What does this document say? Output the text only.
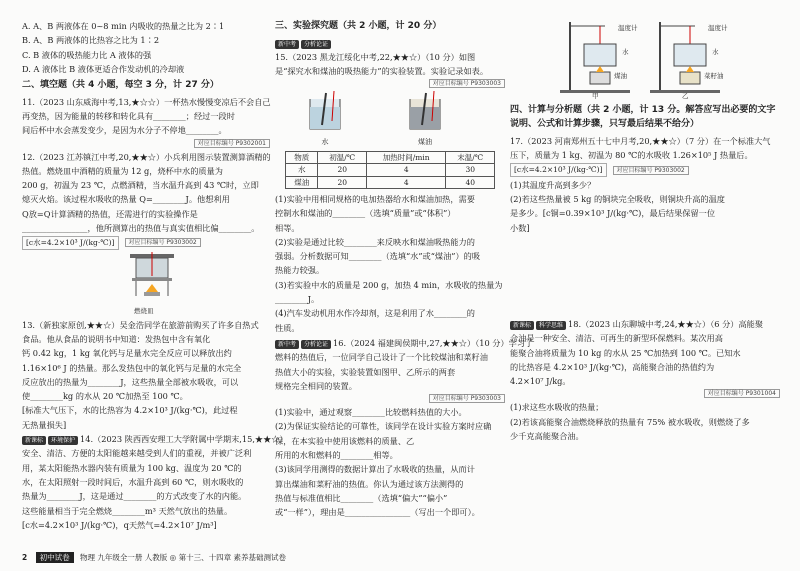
A. A、B 两液体在 0~8 min 内吸收的热量之比为 2∶1
B. A、B 两液体的比热容之比为 1∶2
C. B 液体的吸热能力比 A 液体的强
D. A 液体比 B 液体更适合作发动机的冷却液
二、填空题（共 4 小题，每空 3 分，计 27 分）
11.（2023 山东威海中考,13,★☆☆）一杯热水慢慢变凉后不会自己
再变热，因为能量的转移和转化具有________；经过一段时
间后杯中水会蒸发变少，是因为水分子不停地________。
对应目标编号 P9302001
12.（2023 江苏镇江中考,20,★★☆）小兵利用图示装置测算酒精的
热值。燃烧皿中酒精的质量为 12 g，烧杯中水的质量为
200 g，初温为 23 ℃，点燃酒精，当水温升高到 43 ℃时，立即
熄灭火焰。该过程水吸收的热量 Q=________J。他想利用
Q放=Q计算酒精的热值，还需进行的实验操作是
________________，他所测算出的热值与真实值相比偏________。
[c水=4.2×10³ J/(kg·℃)]	对应目标编号 P9303002
燃烧皿
13.（新独家原创,★★☆）吴金浩同学在旅游前购买了许多自热式
食品。他从食品的说明书中知道：发热包中含有氧化
钙 0.42 kg，1 kg 氧化钙与足量水完全反应可以释放出约
1.16×10⁶ J 的热量。那么发热包中的氧化钙与足量的水完全
反应放出的热量为________J，这些热量全部被水吸收，可以
使________kg 的水从 20 ℃加热至 100 ℃。
[标准大气压下，水的比热容为 4.2×10³ J/(kg·℃)，此过程
无热量损失]
新课标 环境保护 14.（2023 陕西西安理工大学附属中学期末,15,★★☆）
安全、清洁、方便的太阳能越来越受到人们的重视，并被广泛利
用，某太阳能热水器内装有质量为 100 kg、温度为 20 ℃的
水，在太阳照射一段时间后，水温升高到 60 ℃，则水吸收的
热量为________J，这是通过________的方式改变了水的内能。
这些能量相当于完全燃烧________m³ 天然气放出的热量。
[c水=4.2×10³ J/(kg·℃)，q天然气=4.2×10⁷ J/m³]
三、实验探究题（共 2 小题，计 20 分）
新中考 分析论证
15.（2023 黑龙江绥化中考,22,★★☆）（10 分）如图
是“探究水和煤油的吸热能力”的实验装置。实验记录如表。
对应目标编号 P9303003
水	煤油
物质	初温/℃	加热时间/min	末温/℃
水	20	4	30
煤油	20	4	40
(1)实验中用相同规格的电加热器给水和煤油加热，需要
控制水和煤油的________（选填“质量”或“体积”）
相等。
(2)实验是通过比较________来反映水和煤油吸热能力的
强弱。分析数据可知________（选填“水”或“煤油”）的吸
热能力较强。
(3)若实验中水的质量是 200 g，加热 4 min，水吸收的热量为
________J。
(4)汽车发动机用水作冷却剂，这是利用了水________的
性质。
新中考 分析论证 16.（2024 福建闽侯期中,27,★★☆）（10 分）学习了
燃料的热值后，一位同学自己设计了一个比较煤油和菜籽油
热值大小的实验，实验装置如图甲、乙所示的两套
规格完全相同的装置。
对应目标编号 P9303003
(1)实验中，通过观察________比较燃料热值的大小。
(2)为保证实验结论的可靠性，该同学在设计实验方案时应确
保，在本实验中使用该燃料的质量、乙
所用的水和燃料的________相等。
(3)该同学用测得的数据计算出了水吸收的热量，从而计
算出煤油和菜籽油的热值。你认为通过该方法测得的
热值与标准值相比________（选填“偏大”“偏小”
或“一样”），理由是________________（写出一个即可）。
温度计
水
煤油
温度计
水
菜籽油
甲	乙
四、计算与分析题（共 2 小题，计 13 分。解答应写出必要的文字说明、公式和计算步骤，只写最后结果不给分）
17.（2023 河南郑州五十七中月考,20,★★☆）（7 分）在一个标准大气
压下，质量为 1 kg、初温为 80 ℃的水吸收 1.26×10⁵ J 热量后。
[c水=4.2×10³ J/(kg·℃)]	对应目标编号 P9303002
(1)其温度升高到多少？
(2)若这些热量被 5 kg 的铜块完全吸收，则铜块升高的温度
是多少。[c铜=0.39×10³ J/(kg·℃)，最后结果保留一位
小数]
新课标 科学思维 18.（2023 山东聊城中考,24,★★☆）（6 分）高能聚
合油是一种安全、清洁、可再生的新型环保燃料。某次用高
能聚合油将质量为 10 kg 的水从 25 ℃加热到 100 ℃。已知水
的比热容是 4.2×10³ J/(kg·℃)，高能聚合油的热值约为
4.2×10⁷ J/kg。
对应目标编号 P9301004
(1)求这些水吸收的热量；
(2)若该高能聚合油燃烧释放的热量有 75% 被水吸收，则燃烧了多
少千克高能聚合油。
2 初中试卷 物理 九年级全一册 人教版 ◎ 第十三、十四章 素养基础测试卷
